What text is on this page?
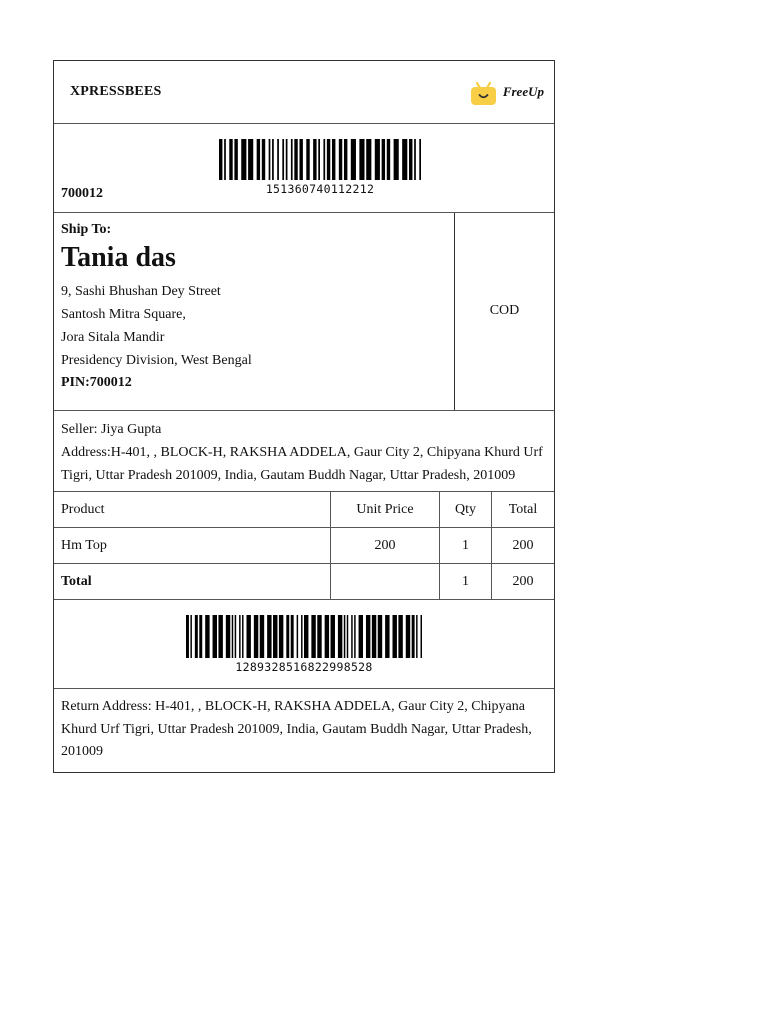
XPRESSBEES	FreeUp
151360740112212
700012
Ship To:
Tania das
9, Sashi Bhushan Dey Street
Santosh Mitra Square,
Jora Sitala Mandir
Presidency Division, West Bengal
PIN:700012
COD
Seller: Jiya Gupta
Address:H-401, , BLOCK-H, RAKSHA ADDELA, Gaur City 2, Chipyana Khurd Urf Tigri, Uttar Pradesh 201009, India, Gautam Buddh Nagar, Uttar Pradesh, 201009
Product	Unit Price	Qty	Total
Hm Top	200	1	200
Total		1	200
1289328516822998528
Return Address: H-401, , BLOCK-H, RAKSHA ADDELA, Gaur City 2, Chipyana Khurd Urf Tigri, Uttar Pradesh 201009, India, Gautam Buddh Nagar, Uttar Pradesh, 201009
